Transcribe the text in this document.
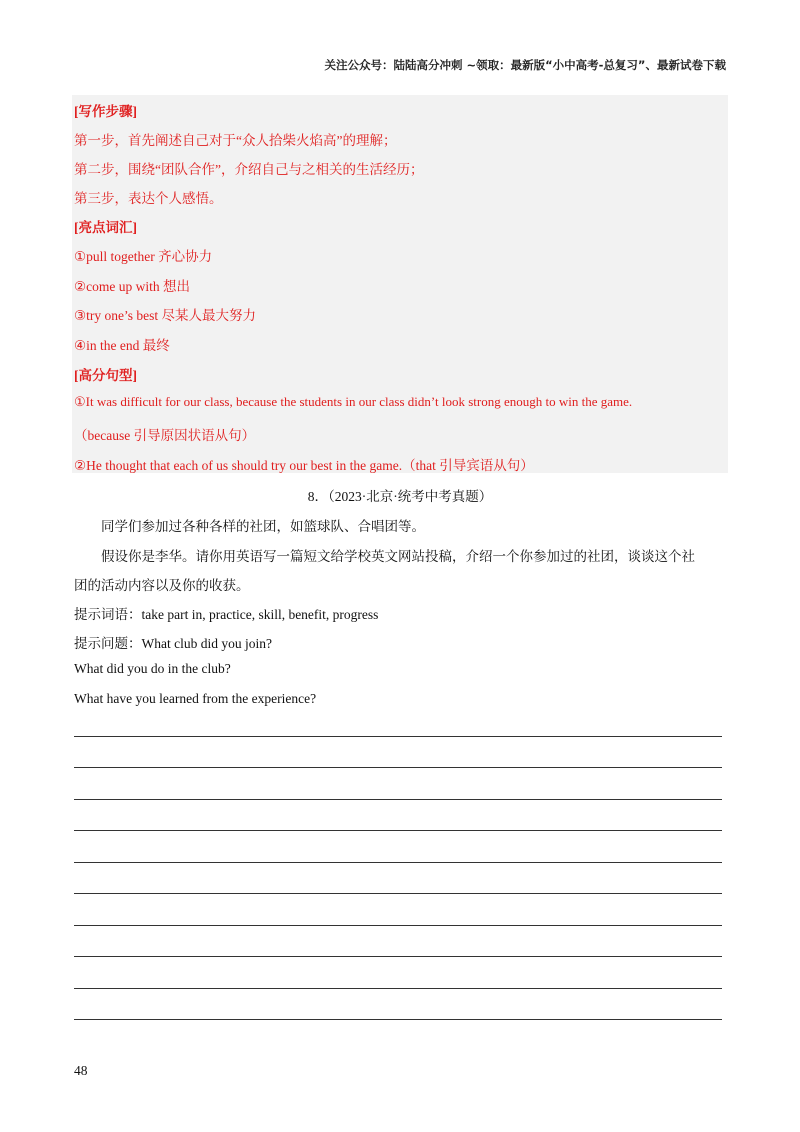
关注公众号：陆陆高分冲刺 ~领取：最新版“小中高考-总复习”、最新试卷下载
[写作步骤]
第一步，首先阐述自己对于“众人拾柴火焰高”的理解；
第二步，围绕“团队合作”，介绍自己与之相关的生活经历；
第三步，表达个人感悟。
[亮点词汇]
①pull together 齐心协力
②come up with 想出
③try one’s best 尽某人最大努力
④in the end 最终
[高分句型]
①It was difficult for our class, because the students in our class didn’t look strong enough to win the game.
（because 引导原因状语从句）
②He thought that each of us should try our best in the game.（that 引导宾语从句）
8．（2023·北京·统考中考真题）
同学们参加过各种各样的社团，如篮球队、合唱团等。
假设你是李华。请你用英语写一篇短文给学校英文网站投稿，介绍一个你参加过的社团，谈谈这个社
团的活动内容以及你的收获。
提示词语：take part in, practice, skill, benefit, progress
提示问题：What club did you join?
What did you do in the club?
What have you learned from the experience?
48
